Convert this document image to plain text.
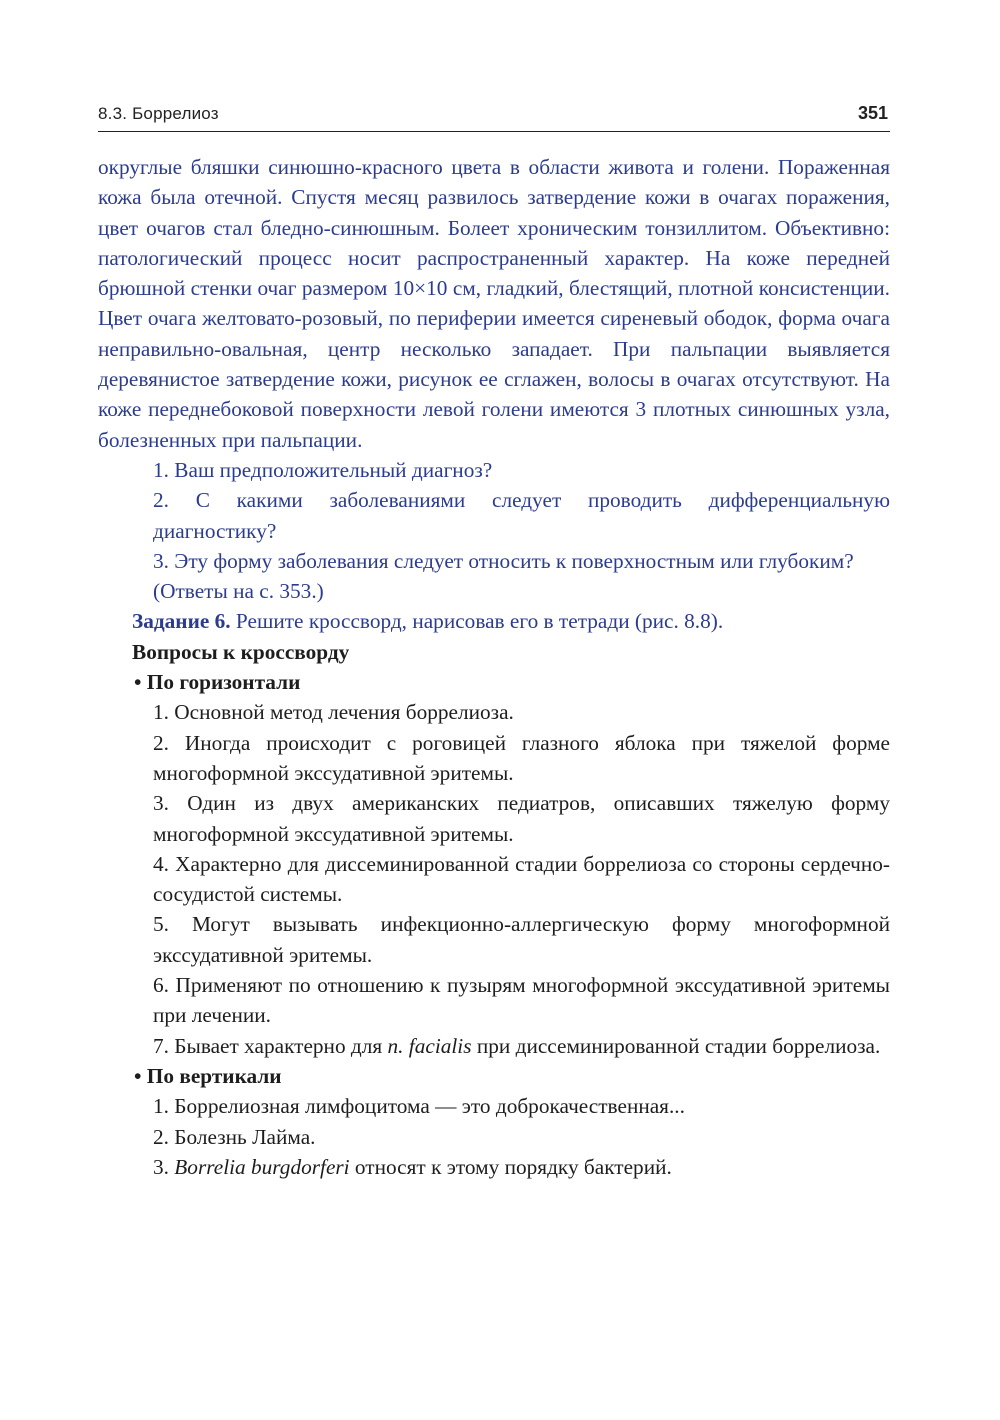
8.3. Боррелиоз	351

округлые бляшки синюшно-красного цвета в области живота и голени. Пораженная кожа была отечной. Спустя месяц развилось затвердение кожи в очагах поражения, цвет очагов стал бледно-синюшным. Болеет хроническим тонзиллитом. Объективно: патологический процесс носит распространенный характер. На коже передней брюшной стенки очаг размером 10×10 см, гладкий, блестящий, плотной консистенции. Цвет очага желтовато-розовый, по периферии имеется сиреневый ободок, форма очага неправильно-овальная, центр несколько западает. При пальпации выявляется деревянистое затвердение кожи, рисунок ее сглажен, волосы в очагах отсутствуют. На коже переднебоковой поверхности левой голени имеются 3 плотных синюшных узла, болезненных при пальпации.

1. Ваш предположительный диагноз?
2. С какими заболеваниями следует проводить дифференциальную диагностику?
3. Эту форму заболевания следует относить к поверхностным или глубоким?
(Ответы на с. 353.)
Задание 6. Решите кроссворд, нарисовав его в тетради (рис. 8.8).
Вопросы к кроссворду
• По горизонтали
1. Основной метод лечения боррелиоза.
2. Иногда происходит с роговицей глазного яблока при тяжелой форме многоформной экссудативной эритемы.
3. Один из двух американских педиатров, описавших тяжелую форму многоформной экссудативной эритемы.
4. Характерно для диссеминированной стадии боррелиоза со стороны сердечно-сосудистой системы.
5. Могут вызывать инфекционно-аллергическую форму многоформной экссудативной эритемы.
6. Применяют по отношению к пузырям многоформной экссудативной эритемы при лечении.
7. Бывает характерно для n. facialis при диссеминированной стадии боррелиоза.
• По вертикали
1. Боррелиозная лимфоцитома — это доброкачественная...
2. Болезнь Лайма.
3. Borrelia burgdorferi относят к этому порядку бактерий.
